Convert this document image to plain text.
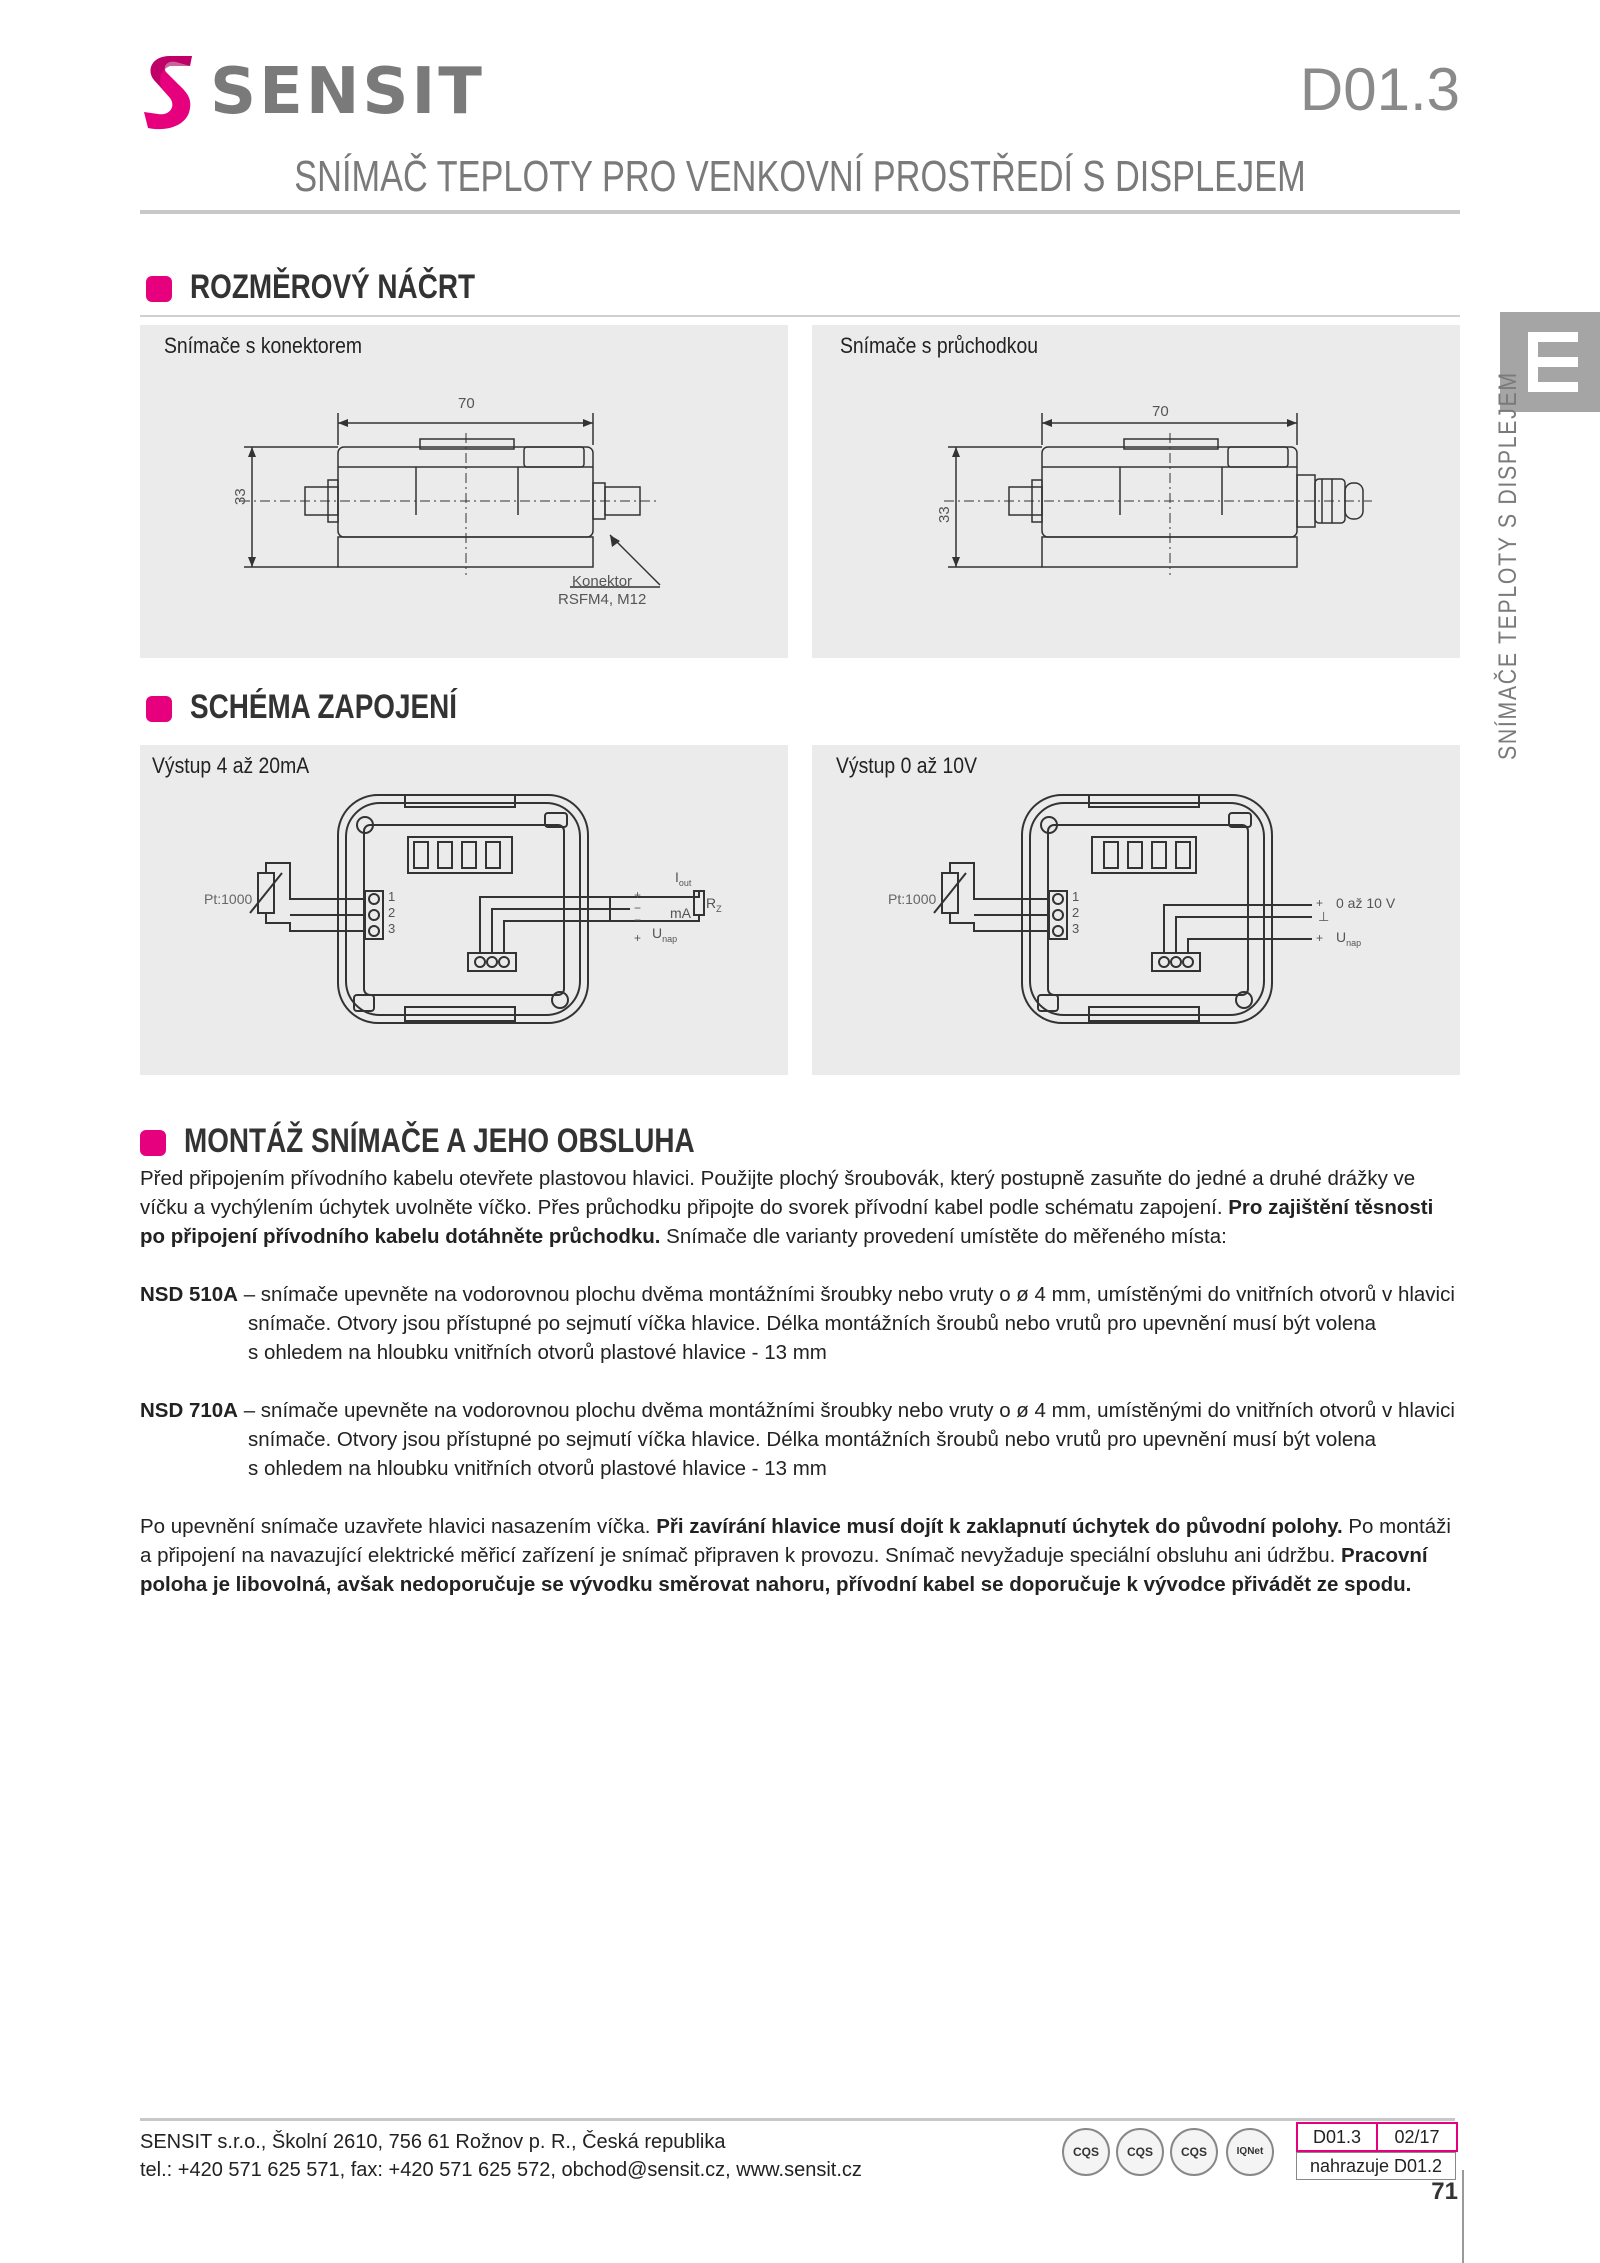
SENSIT	D01.3
SNÍMAČ TEPLOTY PRO VENKOVNÍ PROSTŘEDÍ S DISPLEJEM
SNÍMAČE TEPLOTY S DISPLEJEM
ROZMĚROVÝ NÁČRT
Snímače s konektorem
70
33
Konektor
RSFM4, M12
Snímače s průchodkou
70
33
SCHÉMA ZAPOJENÍ
Výstup 4 až 20mA
Pt:1000	1
2
3
+
−
−
+
$I_{out}$
$R_Z$
mA
$U_{nap}$
Výstup 0 až 10V
Pt:1000	1
2
3
+ 0 až 10 V
⊥
+ $U_{nap}$
MONTÁŽ SNÍMAČE A JEHO OBSLUHA
Před připojením přívodního kabelu otevřete plastovou hlavici. Použijte plochý šroubovák, který postupně zasuňte do jedné a druhé drážky ve víčku a vychýlením úchytek uvolněte víčko. Přes průchodku připojte do svorek přívodní kabel podle schématu zapojení. Pro zajištění těsnosti po připojení přívodního kabelu dotáhněte průchodku. Snímače dle varianty provedení umístěte do měřeného místa:
NSD 510A – snímače upevněte na vodorovnou plochu dvěma montážními šroubky nebo vruty o ø 4 mm, umístěnými do vnitřních otvorů v hlavici
snímače. Otvory jsou přístupné po sejmutí víčka hlavice. Délka montážních šroubů nebo vrutů pro upevnění musí být volena
s ohledem na hloubku vnitřních otvorů plastové hlavice - 13 mm
NSD 710A – snímače upevněte na vodorovnou plochu dvěma montážními šroubky nebo vruty o ø 4 mm, umístěnými do vnitřních otvorů v hlavici
snímače. Otvory jsou přístupné po sejmutí víčka hlavice. Délka montážních šroubů nebo vrutů pro upevnění musí být volena
s ohledem na hloubku vnitřních otvorů plastové hlavice - 13 mm
Po upevnění snímače uzavřete hlavici nasazením víčka. Při zavírání hlavice musí dojít k zaklapnutí úchytek do původní polohy. Po montáži a připojení na navazující elektrické měřicí zařízení je snímač připraven k provozu. Snímač nevyžaduje speciální obsluhu ani údržbu. Pracovní poloha je libovolná, avšak nedoporučuje se vývodku směrovat nahoru, přívodní kabel se doporučuje k vývodce přivádět ze spodu.
SENSIT s.r.o., Školní 2610, 756 61 Rožnov p. R., Česká republika
tel.: +420 571 625 571, fax: +420 571 625 572, obchod@sensit.cz, www.sensit.cz
CQS	CQS	CQS	IQNet
D01.3	02/17
nahrazuje D01.2
71
